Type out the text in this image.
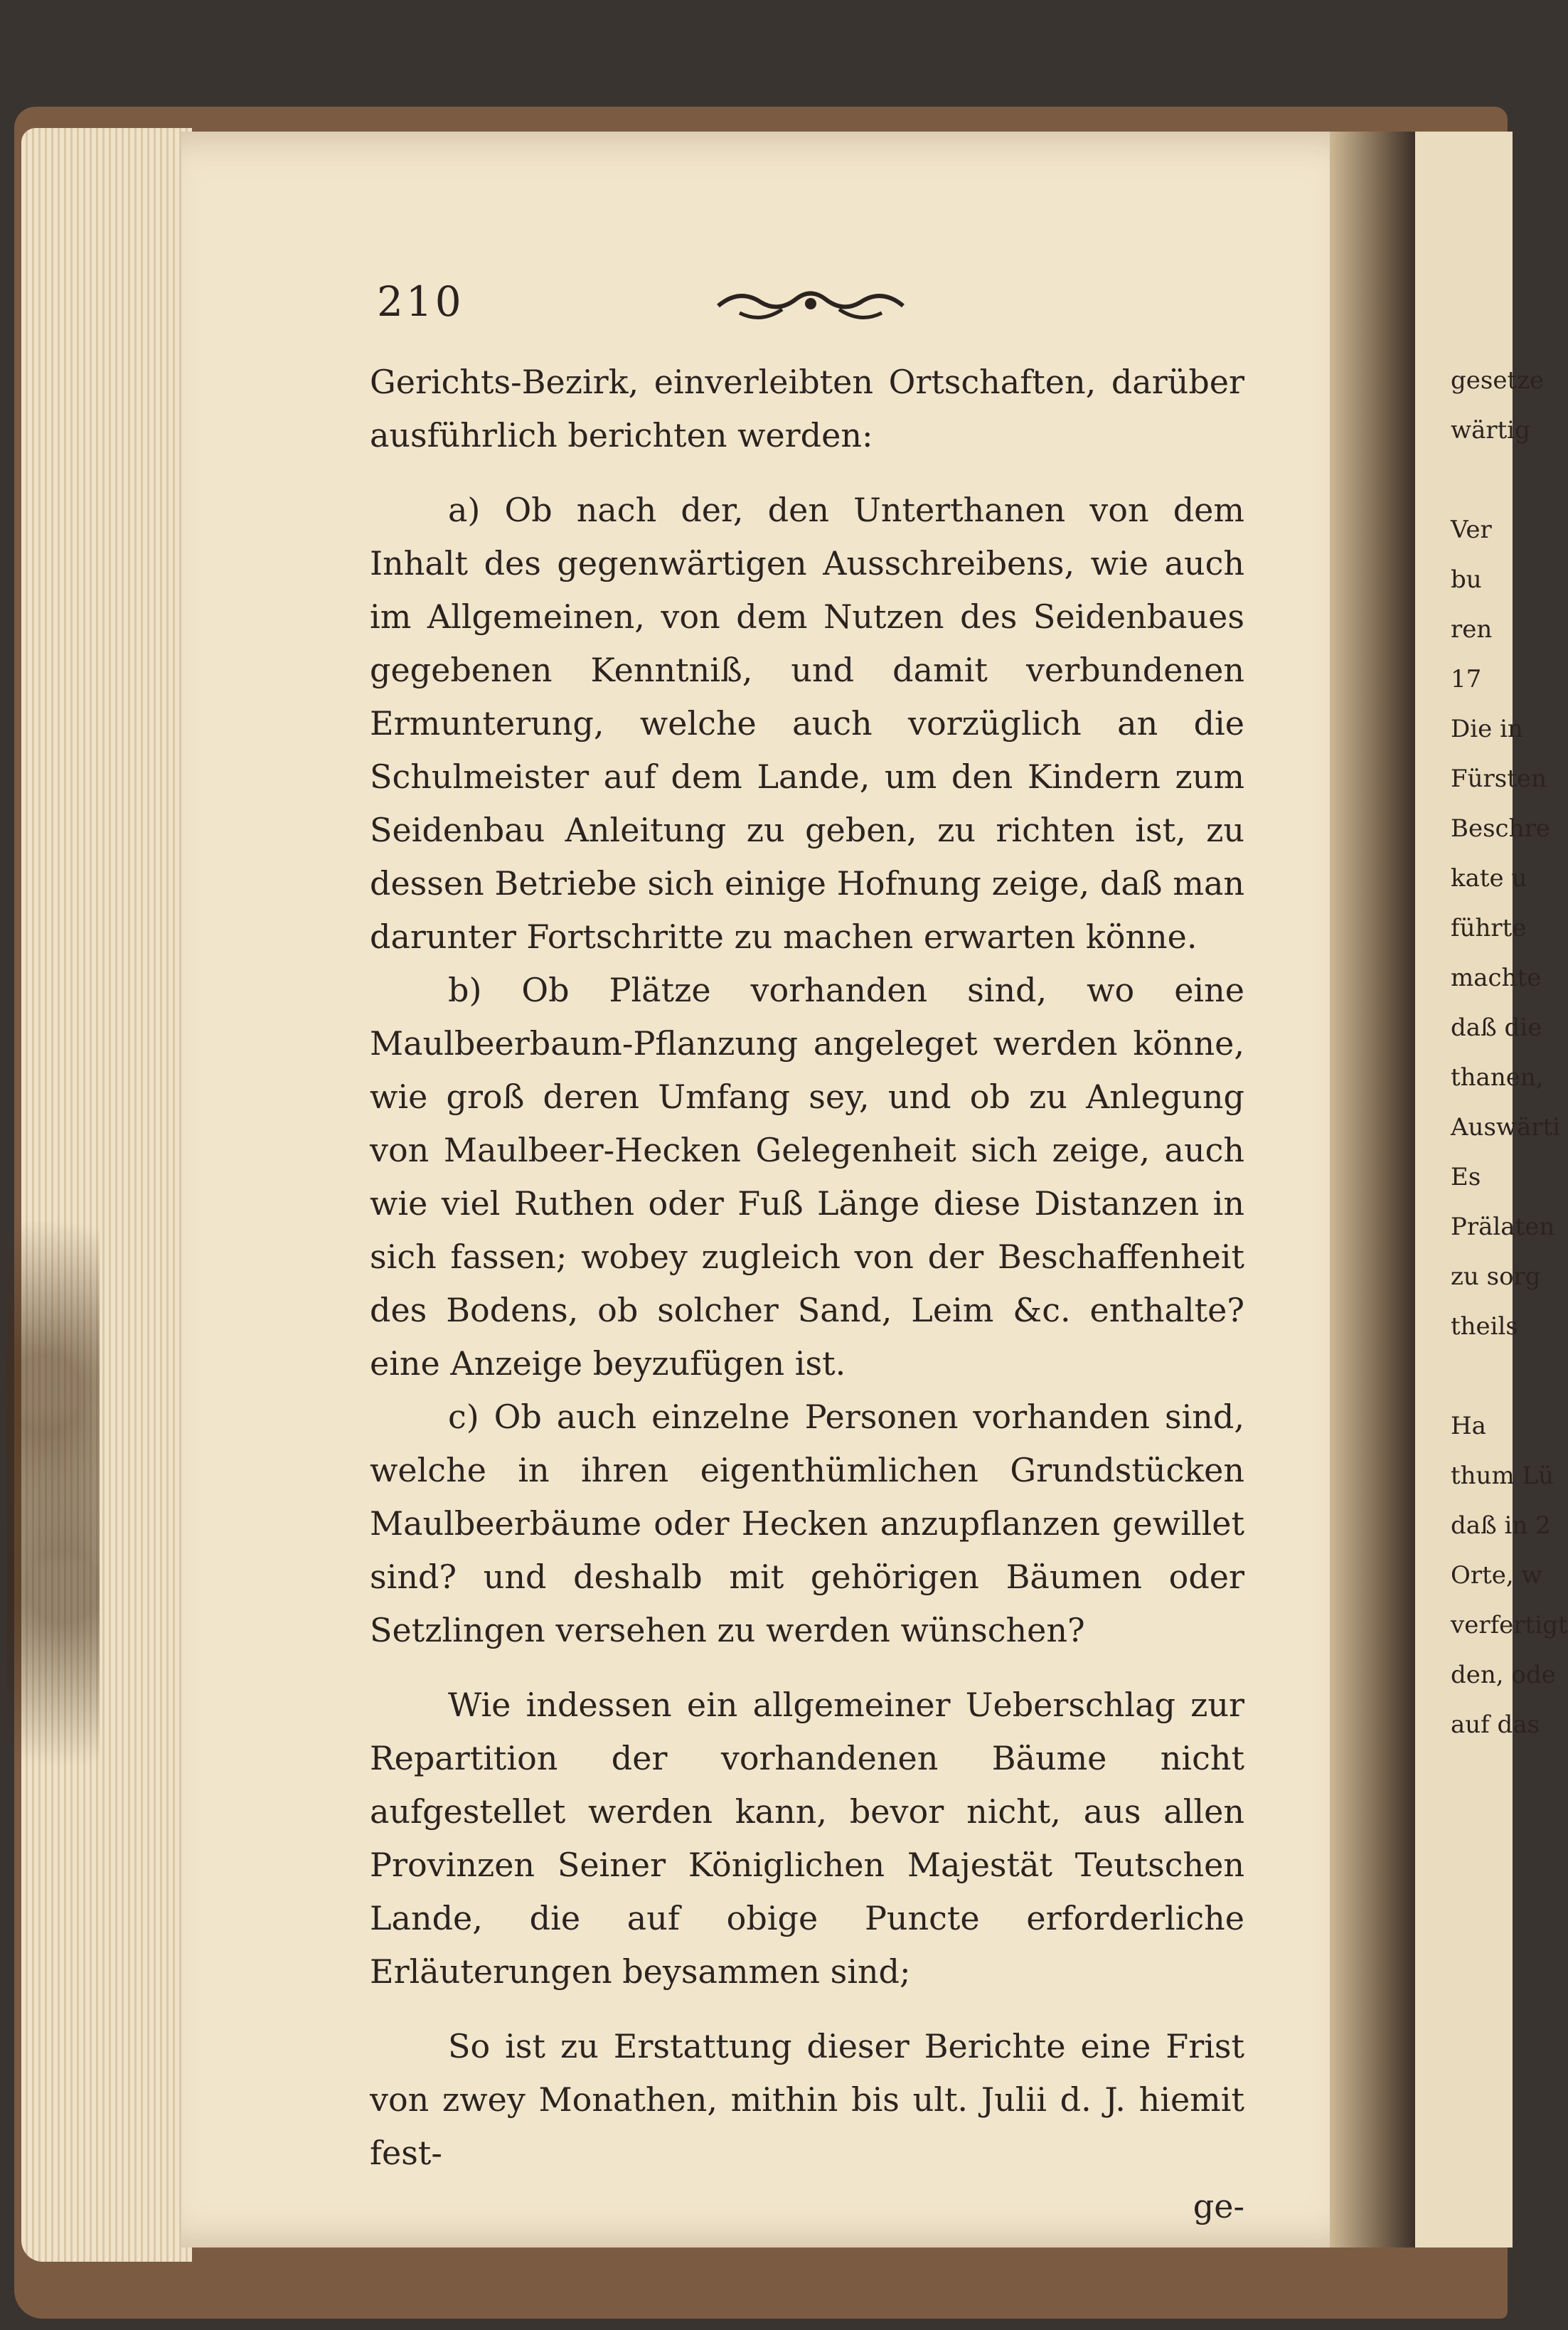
210

Gerichts-Bezirk, einverleibten Ortschaften, darüber ausführlich berichten werden:

a) Ob nach der, den Unterthanen von dem Inhalt des gegenwärtigen Ausschreibens, wie auch im Allgemeinen, von dem Nutzen des Seidenbaues gegebenen Kenntniß, und damit verbundenen Ermunterung, welche auch vorzüglich an die Schulmeister auf dem Lande, um den Kindern zum Seidenbau Anleitung zu geben, zu richten ist, zu dessen Betriebe sich einige Hofnung zeige, daß man darunter Fortschritte zu machen erwarten könne.

b) Ob Plätze vorhanden sind, wo eine Maulbeerbaum-Pflanzung angeleget werden könne, wie groß deren Umfang sey, und ob zu Anlegung von Maulbeer-Hecken Gelegenheit sich zeige, auch wie viel Ruthen oder Fuß Länge diese Distanzen in sich fassen; wobey zugleich von der Beschaffenheit des Bodens, ob solcher Sand, Leim &c. enthalte? eine Anzeige beyzufügen ist.

c) Ob auch einzelne Personen vorhanden sind, welche in ihren eigenthümlichen Grundstücken Maulbeerbäume oder Hecken anzupflanzen gewillet sind? und deshalb mit gehörigen Bäumen oder Setzlingen versehen zu werden wünschen?

Wie indessen ein allgemeiner Ueberschlag zur Repartition der vorhandenen Bäume nicht aufgestellet werden kann, bevor nicht, aus allen Provinzen Seiner Königlichen Majestät Teutschen Lande, die auf obige Puncte erforderliche Erläuterungen beysammen sind;

So ist zu Erstattung dieser Berichte eine Frist von zwey Monathen, mithin bis ult. Julii d. J. hiemit fest-

ge-

gesetze
wärtig
Ver
bu
ren
17
Die in
Fürsten
Beschre
kate u
führte
machte
daß die
thanen,
Auswärti
Es
Prälaten
zu sorg
theils
Ha
thum Lü
daß in 2
Orte, w
verfertigt
den, ode
auf das
